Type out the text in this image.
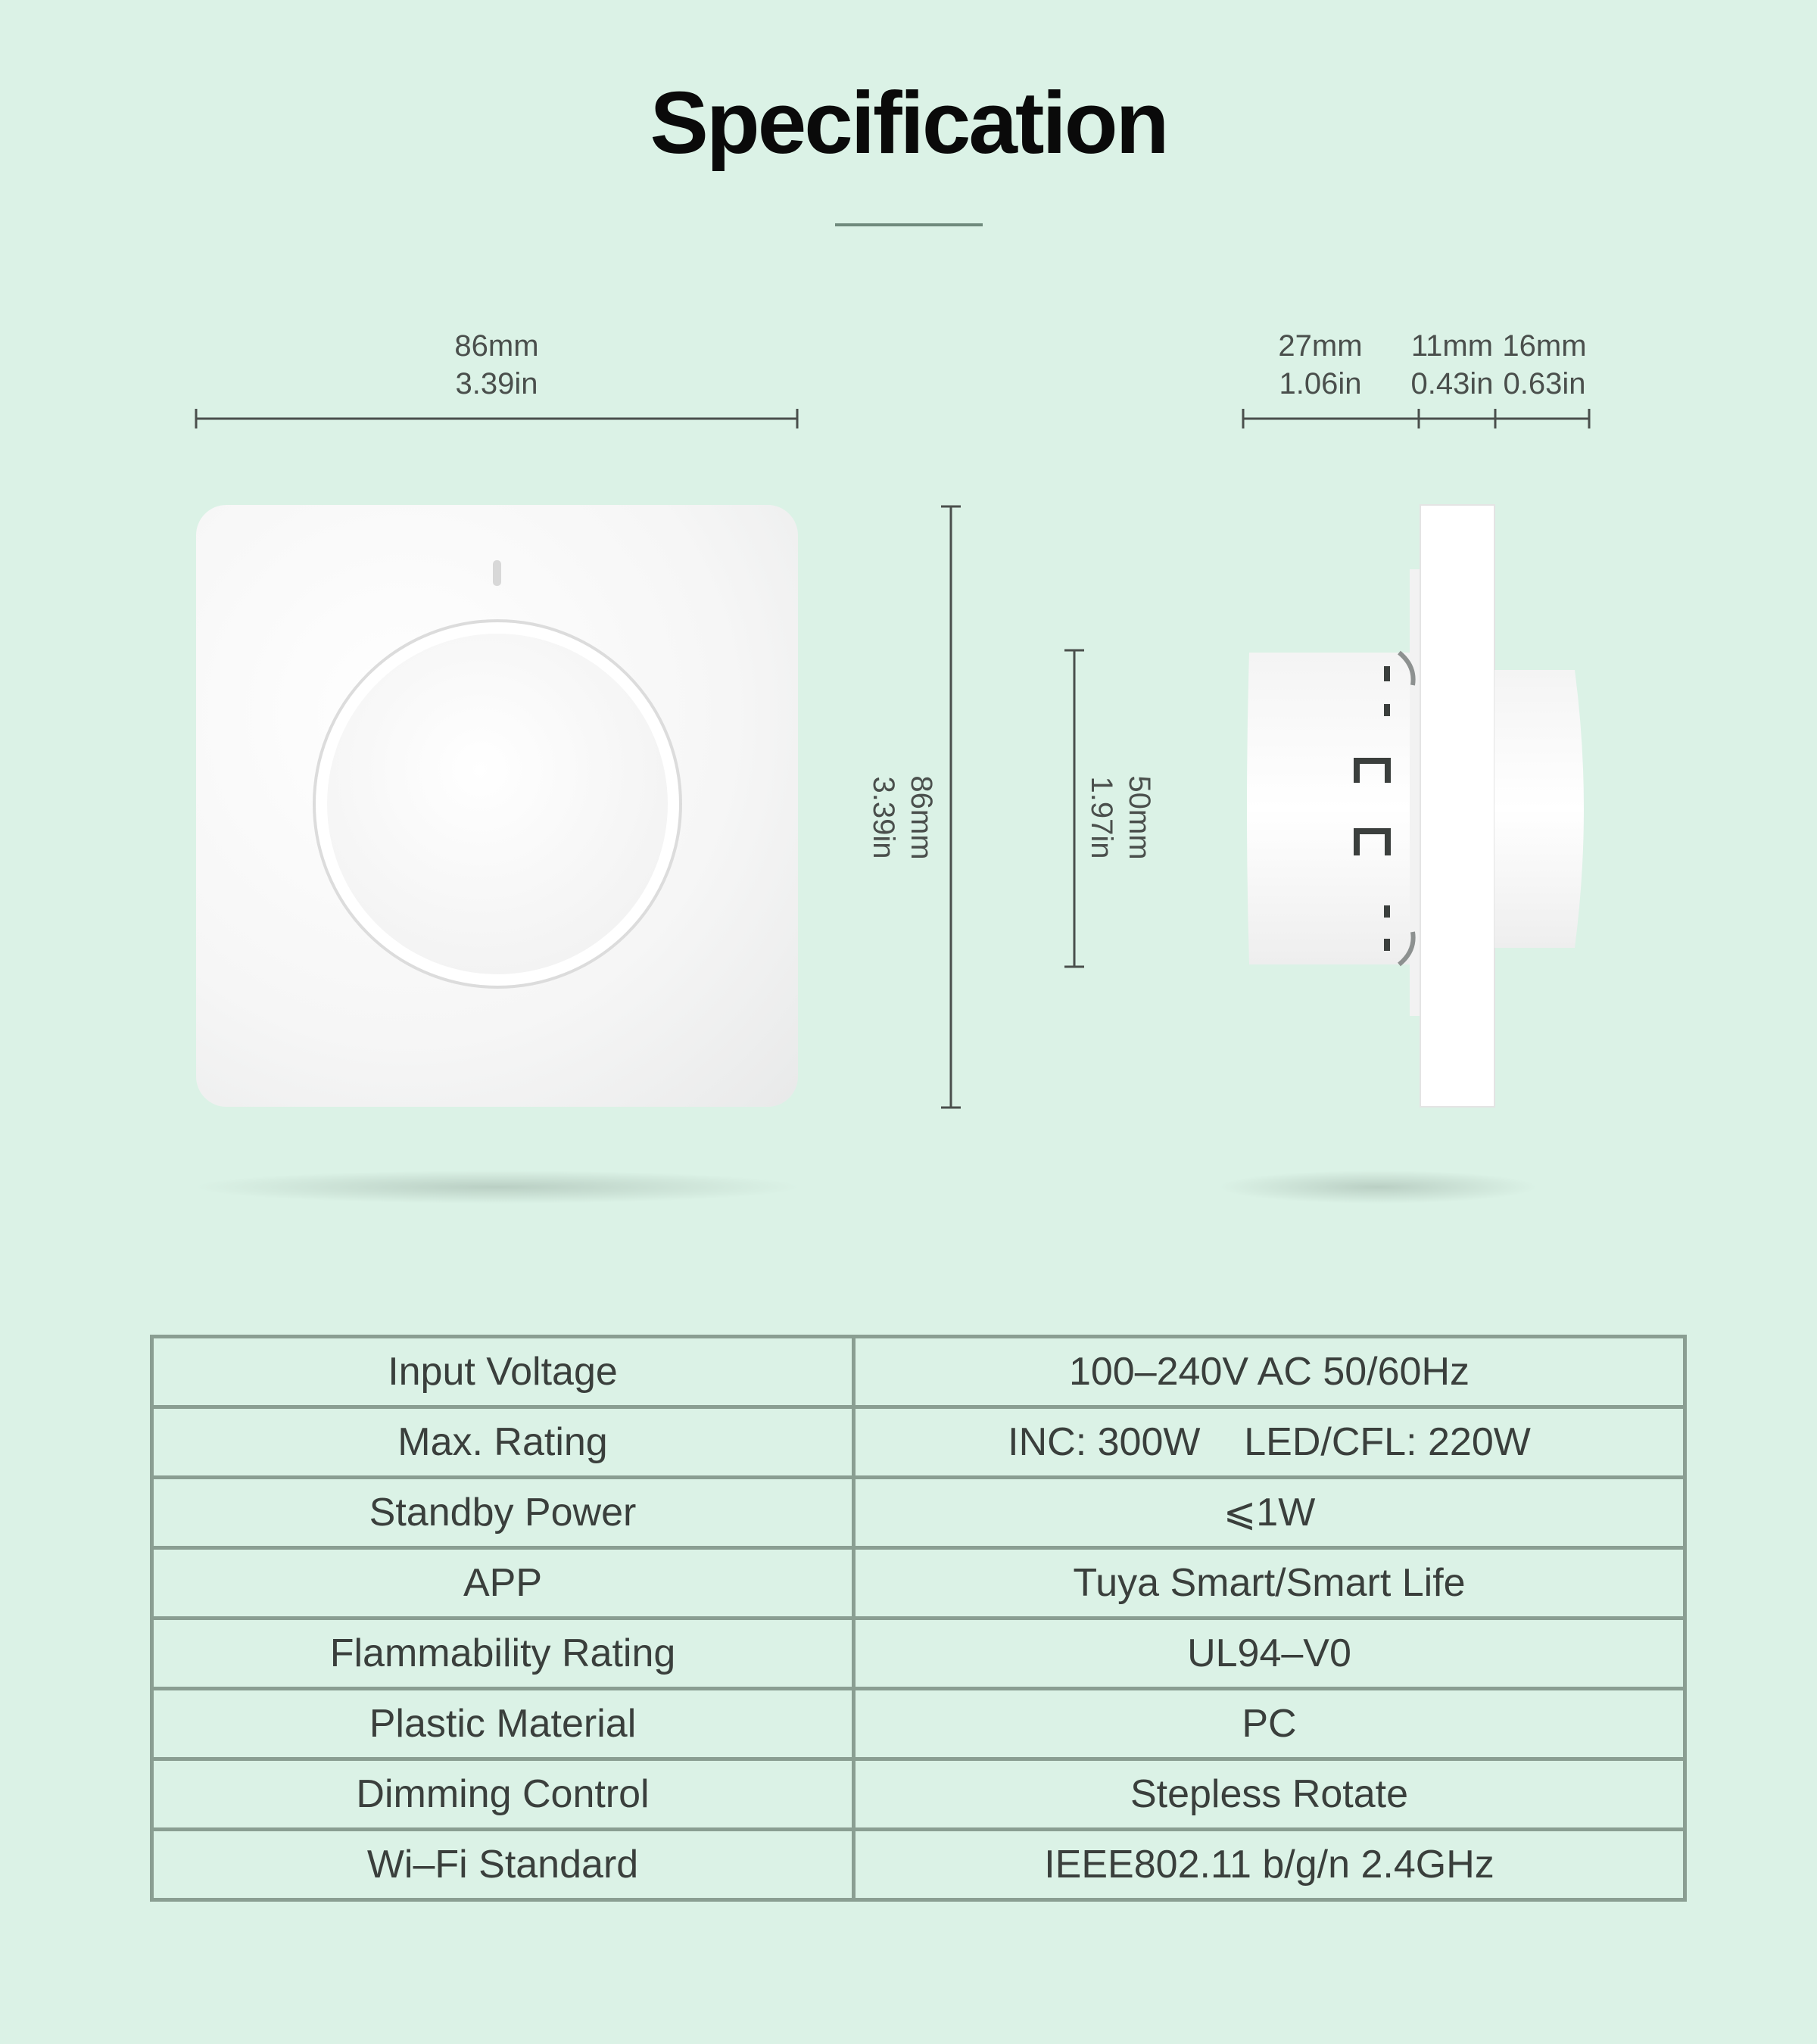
Specification
86mm
3.39in
86mm
3.39in	50mm
1.97in
27mm
1.06in
11mm
0.43in
16mm
0.63in
Input Voltage	100–240V AC 50/60Hz
Max. Rating	INC: 300W    LED/CFL: 220W
Standby Power	⩽1W
APP	Tuya Smart/Smart Life
Flammability Rating	UL94–V0
Plastic Material	PC
Dimming Control	Stepless Rotate
Wi–Fi Standard	IEEE802.11 b/g/n 2.4GHz
